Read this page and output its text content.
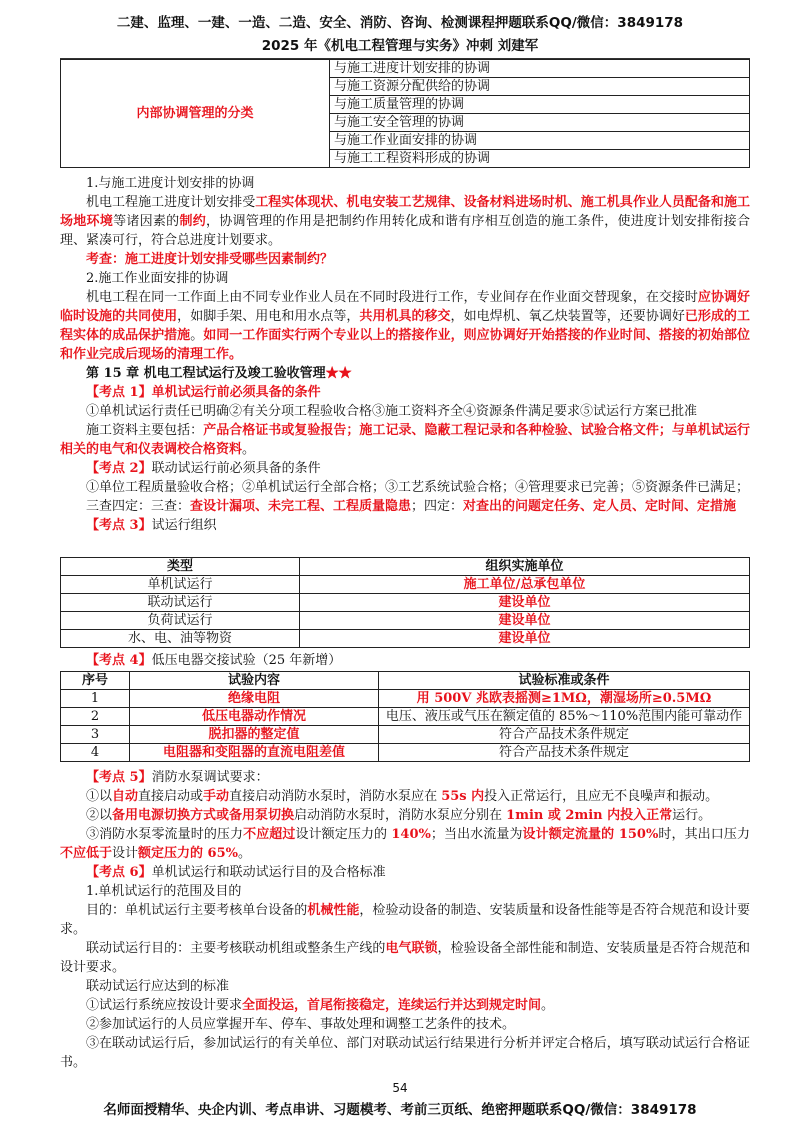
二建、监理、一建、一造、二造、安全、消防、咨询、检测课程押题联系QQ/微信：3849178
2025 年《机电工程管理与实务》冲刺 刘建军
内部协调管理的分类	与施工进度计划安排的协调
与施工资源分配供给的协调
与施工质量管理的协调
与施工安全管理的协调
与施工作业面安排的协调
与施工工程资料形成的协调

1.与施工进度计划安排的协调

机电工程施工进度计划安排受工程实体现状、机电安装工艺规律、设备材料进场时机、施工机具作业人员配备和施工场地环境等诸因素的制约，协调管理的作用是把制约作用转化成和谐有序相互创造的施工条件，使进度计划安排衔接合理、紧凑可行，符合总进度计划要求。

考查：施工进度计划安排受哪些因素制约？

2.施工作业面安排的协调

机电工程在同一工作面上由不同专业作业人员在不同时段进行工作，专业间存在作业面交替现象，在交接时应协调好临时设施的共同使用，如脚手架、用电和用水点等，共用机具的移交，如电焊机、氧乙炔装置等，还要协调好已形成的工程实体的成品保护措施。如同一工作面实行两个专业以上的搭接作业，则应协调好开始搭接的作业时间、搭接的初始部位和作业完成后现场的清理工作。

第 15 章 机电工程试运行及竣工验收管理★★

【考点 1】单机试运行前必须具备的条件

①单机试运行责任已明确②有关分项工程验收合格③施工资料齐全④资源条件满足要求⑤试运行方案已批准

施工资料主要包括：产品合格证书或复验报告；施工记录、隐蔽工程记录和各种检验、试验合格文件；与单机试运行相关的电气和仪表调校合格资料。

【考点 2】联动试运行前必须具备的条件

①单位工程质量验收合格；②单机试运行全部合格；③工艺系统试验合格；④管理要求已完善；⑤资源条件已满足；

三查四定：三查：查设计漏项、未完工程、工程质量隐患；四定：对查出的问题定任务、定人员、定时间、定措施

【考点 3】试运行组织

类型	组织实施单位
单机试运行	施工单位/总承包单位
联动试运行	建设单位
负荷试运行	建设单位
水、电、油等物资	建设单位

【考点 4】低压电器交接试验（25 年新增）

序号	试验内容	试验标准或条件
1	绝缘电阻	用 500V 兆欧表摇测≥1MΩ，潮湿场所≥0.5MΩ
2	低压电器动作情况	电压、液压或气压在额定值的 85%～110%范围内能可靠动作
3	脱扣器的整定值	符合产品技术条件规定
4	电阻器和变阻器的直流电阻差值	符合产品技术条件规定

【考点 5】消防水泵调试要求：

①以自动直接启动或手动直接启动消防水泵时，消防水泵应在 55s 内投入正常运行，且应无不良噪声和振动。

②以备用电源切换方式或备用泵切换启动消防水泵时，消防水泵应分别在 1min 或 2min 内投入正常运行。

③消防水泵零流量时的压力不应超过设计额定压力的 140%；当出水流量为设计额定流量的 150%时，其出口压力不应低于设计额定压力的 65%。

【考点 6】单机试运行和联动试运行目的及合格标准

1.单机试运行的范围及目的

目的：单机试运行主要考核单台设备的机械性能，检验动设备的制造、安装质量和设备性能等是否符合规范和设计要求。

联动试运行目的：主要考核联动机组或整条生产线的电气联锁，检验设备全部性能和制造、安装质量是否符合规范和设计要求。

联动试运行应达到的标准

①试运行系统应按设计要求全面投运，首尾衔接稳定，连续运行并达到规定时间。

②参加试运行的人员应掌握开车、停车、事故处理和调整工艺条件的技术。

③在联动试运行后，参加试运行的有关单位、部门对联动试运行结果进行分析并评定合格后，填写联动试运行合格证书。

54
名师面授精华、央企内训、考点串讲、习题模考、考前三页纸、绝密押题联系QQ/微信：3849178
